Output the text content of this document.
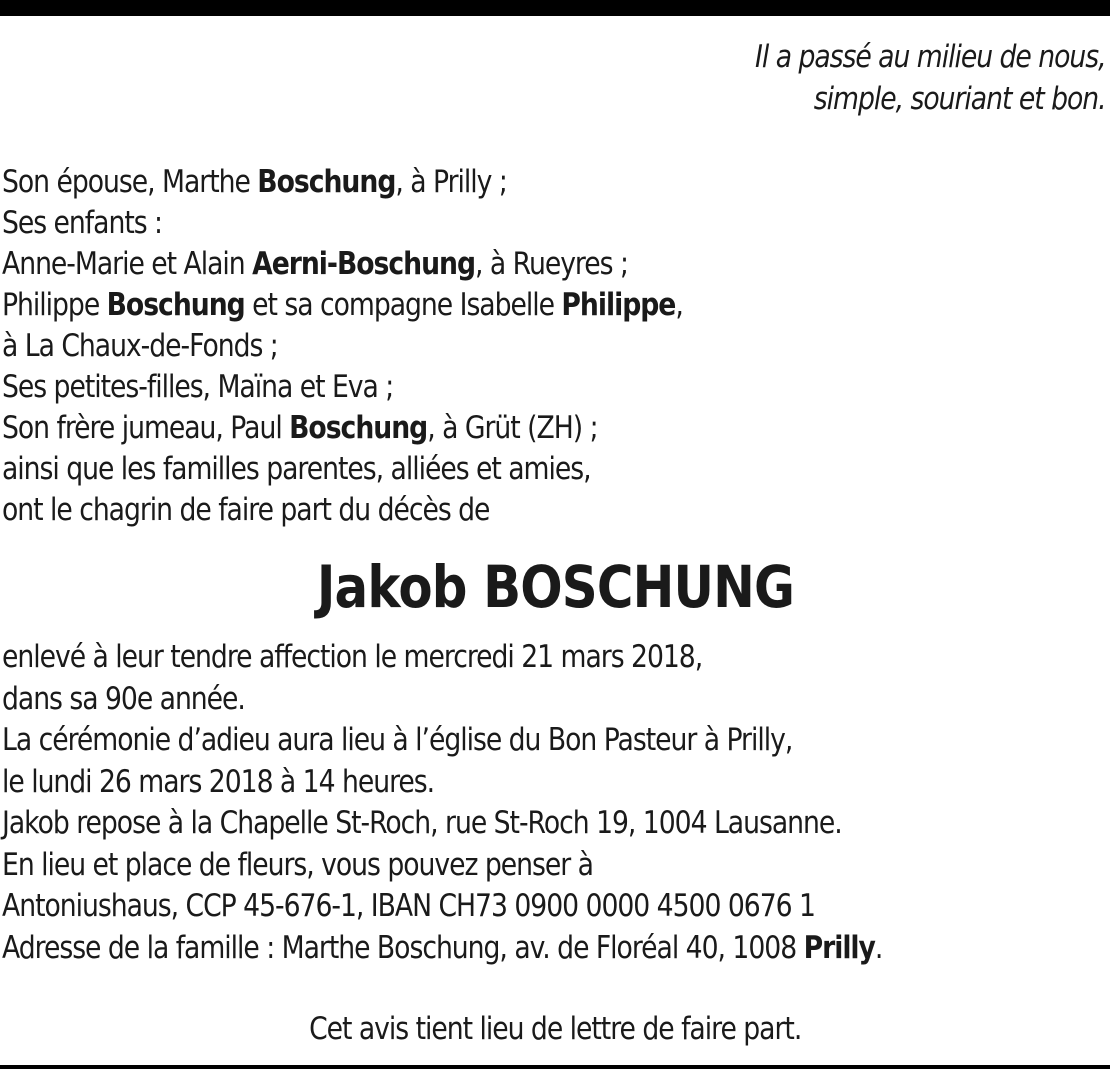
Il a passé au milieu de nous,
simple, souriant et bon.
Son épouse, Marthe Boschung, à Prilly ;
Ses enfants :
Anne-Marie et Alain Aerni-Boschung, à Rueyres ;
Philippe Boschung et sa compagne Isabelle Philippe,
à La Chaux-de-Fonds ;
Ses petites-filles, Maïna et Eva ;
Son frère jumeau, Paul Boschung, à Grüt (ZH) ;
ainsi que les familles parentes, alliées et amies,
ont le chagrin de faire part du décès de
Jakob BOSCHUNG
enlevé à leur tendre affection le mercredi 21 mars 2018,
dans sa 90e année.
La cérémonie d’adieu aura lieu à l’église du Bon Pasteur à Prilly,
le lundi 26 mars 2018 à 14 heures.
Jakob repose à la Chapelle St-Roch, rue St-Roch 19, 1004 Lausanne.
En lieu et place de fleurs, vous pouvez penser à
Antoniushaus, CCP 45-676-1, IBAN CH73 0900 0000 4500 0676 1
Adresse de la famille : Marthe Boschung, av. de Floréal 40, 1008 Prilly.
Cet avis tient lieu de lettre de faire part.
